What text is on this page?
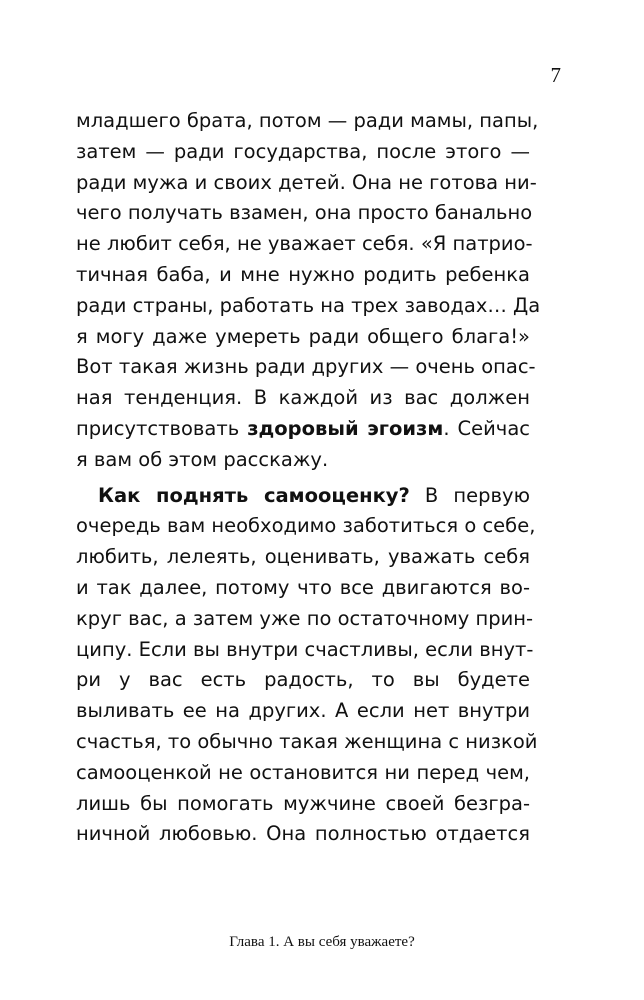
7

младшего брата, потом — ради мамы, папы,
затем — ради государства, после этого —
ради мужа и своих детей. Она не готова ни-
чего получать взамен, она просто банально
не любит себя, не уважает себя. «Я патрио-
тичная баба, и мне нужно родить ребенка
ради страны, работать на трех заводах… Да
я могу даже умереть ради общего блага!»
Вот такая жизнь ради других — очень опас-
ная тенденция. В каждой из вас должен
присутствовать здоровый эгоизм. Сейчас
я вам об этом расскажу.

Как поднять самооценку? В первую
очередь вам необходимо заботиться о себе,
любить, лелеять, оценивать, уважать себя
и так далее, потому что все двигаются во-
круг вас, а затем уже по остаточному прин-
ципу. Если вы внутри счастливы, если внут-
ри у вас есть радость, то вы будете
выливать ее на других. А если нет внутри
счастья, то обычно такая женщина с низкой
самооценкой не остановится ни перед чем,
лишь бы помогать мужчине своей безгра-
ничной любовью. Она полностью отдается

Глава 1. А вы себя уважаете?
